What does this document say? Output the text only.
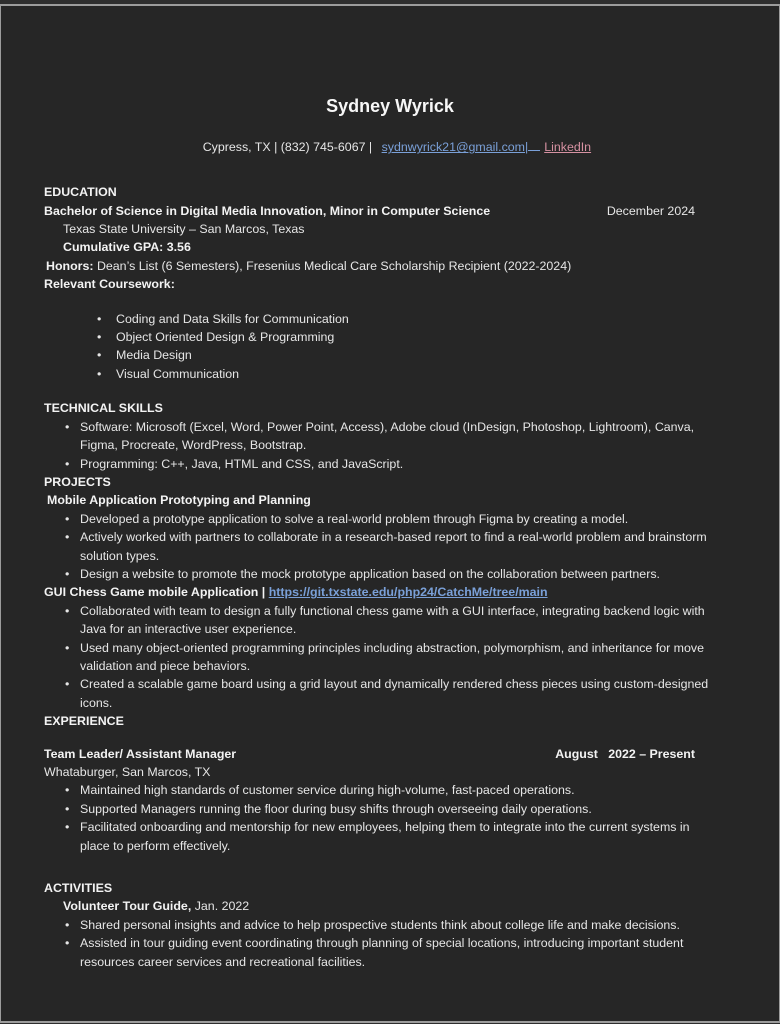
Sydney Wyrick

Cypress, TX | (832) 745-6067 | sydnwyrick21@gmail.com| LinkedIn

EDUCATION
Bachelor of Science in Digital Media Innovation, Minor in Computer Science	December 2024
Texas State University – San Marcos, Texas
Cumulative GPA: 3.56
Honors: Dean’s List (6 Semesters), Fresenius Medical Care Scholarship Recipient (2022-2024)
Relevant Coursework:
• Coding and Data Skills for Communication
• Object Oriented Design & Programming
• Media Design
• Visual Communication
TECHNICAL SKILLS
• Software: Microsoft (Excel, Word, Power Point, Access), Adobe cloud (InDesign, Photoshop, Lightroom), Canva, Figma, Procreate, WordPress, Bootstrap.
• Programming: C++, Java, HTML and CSS, and JavaScript.
PROJECTS
Mobile Application Prototyping and Planning
• Developed a prototype application to solve a real-world problem through Figma by creating a model.
• Actively worked with partners to collaborate in a research-based report to find a real-world problem and brainstorm solution types.
• Design a website to promote the mock prototype application based on the collaboration between partners.
GUI Chess Game mobile Application | https://git.txstate.edu/php24/CatchMe/tree/main
• Collaborated with team to design a fully functional chess game with a GUI interface, integrating backend logic with Java for an interactive user experience.
• Used many object-oriented programming principles including abstraction, polymorphism, and inheritance for move validation and piece behaviors.
• Created a scalable game board using a grid layout and dynamically rendered chess pieces using custom-designed icons.
EXPERIENCE
Team Leader/ Assistant Manager	August   2022 – Present
Whataburger, San Marcos, TX
• Maintained high standards of customer service during high-volume, fast-paced operations.
• Supported Managers running the floor during busy shifts through overseeing daily operations.
• Facilitated onboarding and mentorship for new employees, helping them to integrate into the current systems in place to perform effectively.
ACTIVITIES
Volunteer Tour Guide, Jan. 2022
• Shared personal insights and advice to help prospective students think about college life and make decisions.
• Assisted in tour guiding event coordinating through planning of special locations, introducing important student resources career services and recreational facilities.
